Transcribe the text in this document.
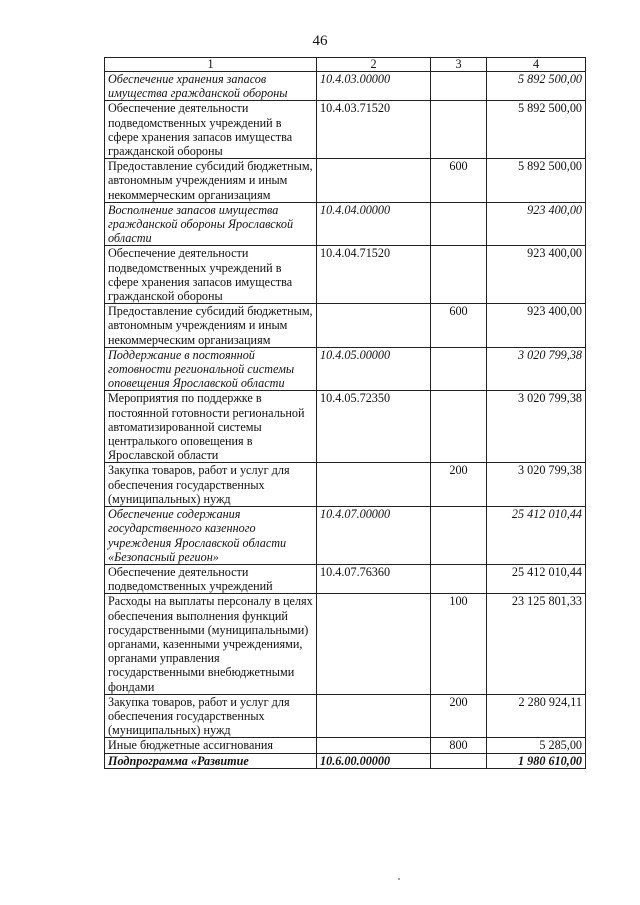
46
1	2	3	4
Обеспечение хранения запасов имущества гражданской обороны	10.4.03.00000		5 892 500,00
Обеспечение деятельности подведомственных учреждений в сфере хранения запасов имущества гражданской обороны	10.4.03.71520		5 892 500,00
Предоставление субсидий бюджетным, автономным учреждениям и иным некоммерческим организациям		600	5 892 500,00
Восполнение запасов имущества гражданской обороны Ярославской области	10.4.04.00000		923 400,00
Обеспечение деятельности подведомственных учреждений в сфере хранения запасов имущества гражданской обороны	10.4.04.71520		923 400,00
Предоставление субсидий бюджетным, автономным учреждениям и иным некоммерческим организациям		600	923 400,00
Поддержание в постоянной готовности региональной системы оповещения Ярославской области	10.4.05.00000		3 020 799,38
Мероприятия по поддержке в постоянной готовности региональной автоматизированной системы централького оповещения в Ярославской области	10.4.05.72350		3 020 799,38
Закупка товаров, работ и услуг для обеспечения государственных (муниципальных) нужд		200	3 020 799,38
Обеспечение содержания государственного казенного учреждения Ярославской области «Безопасный регион»	10.4.07.00000		25 412 010,44
Обеспечение деятельности подведомственных учреждений	10.4.07.76360		25 412 010,44
Расходы на выплаты персоналу в целях обеспечения выполнения функций государственными (муниципальными) органами, казенными учреждениями, органами управления государственными внебюджетными фондами		100	23 125 801,33
Закупка товаров, работ и услуг для обеспечения государственных (муниципальных) нужд		200	2 280 924,11
Иные бюджетные ассигнования		800	5 285,00
Подпрограмма «Развитие	10.6.00.00000		1 980 610,00
